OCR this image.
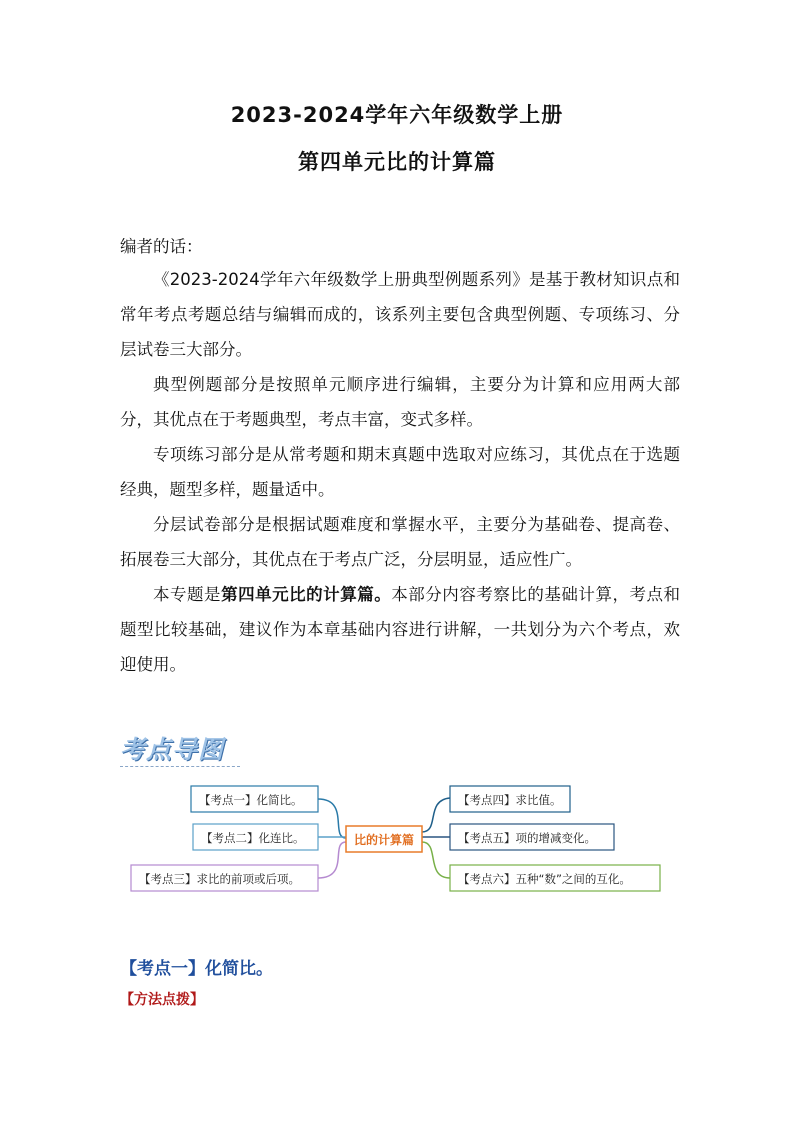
2023-2024学年六年级数学上册
第四单元比的计算篇
编者的话：

《2023-2024学年六年级数学上册典型例题系列》是基于教材知识点和常年考点考题总结与编辑而成的，该系列主要包含典型例题、专项练习、分层试卷三大部分。

典型例题部分是按照单元顺序进行编辑，主要分为计算和应用两大部分，其优点在于考题典型，考点丰富，变式多样。

专项练习部分是从常考题和期末真题中选取对应练习，其优点在于选题经典，题型多样，题量适中。

分层试卷部分是根据试题难度和掌握水平，主要分为基础卷、提高卷、拓展卷三大部分，其优点在于考点广泛，分层明显，适应性广。

本专题是第四单元比的计算篇。本部分内容考察比的基础计算，考点和题型比较基础，建议作为本章基础内容进行讲解，一共划分为六个考点，欢迎使用。

考点导图
比的计算篇
【考点一】化简比。
【考点二】化连比。
【考点三】求比的前项或后项。
【考点四】求比值。
【考点五】项的增减变化。
【考点六】五种“数”之间的互化。
【考点一】化简比。
【方法点拨】
